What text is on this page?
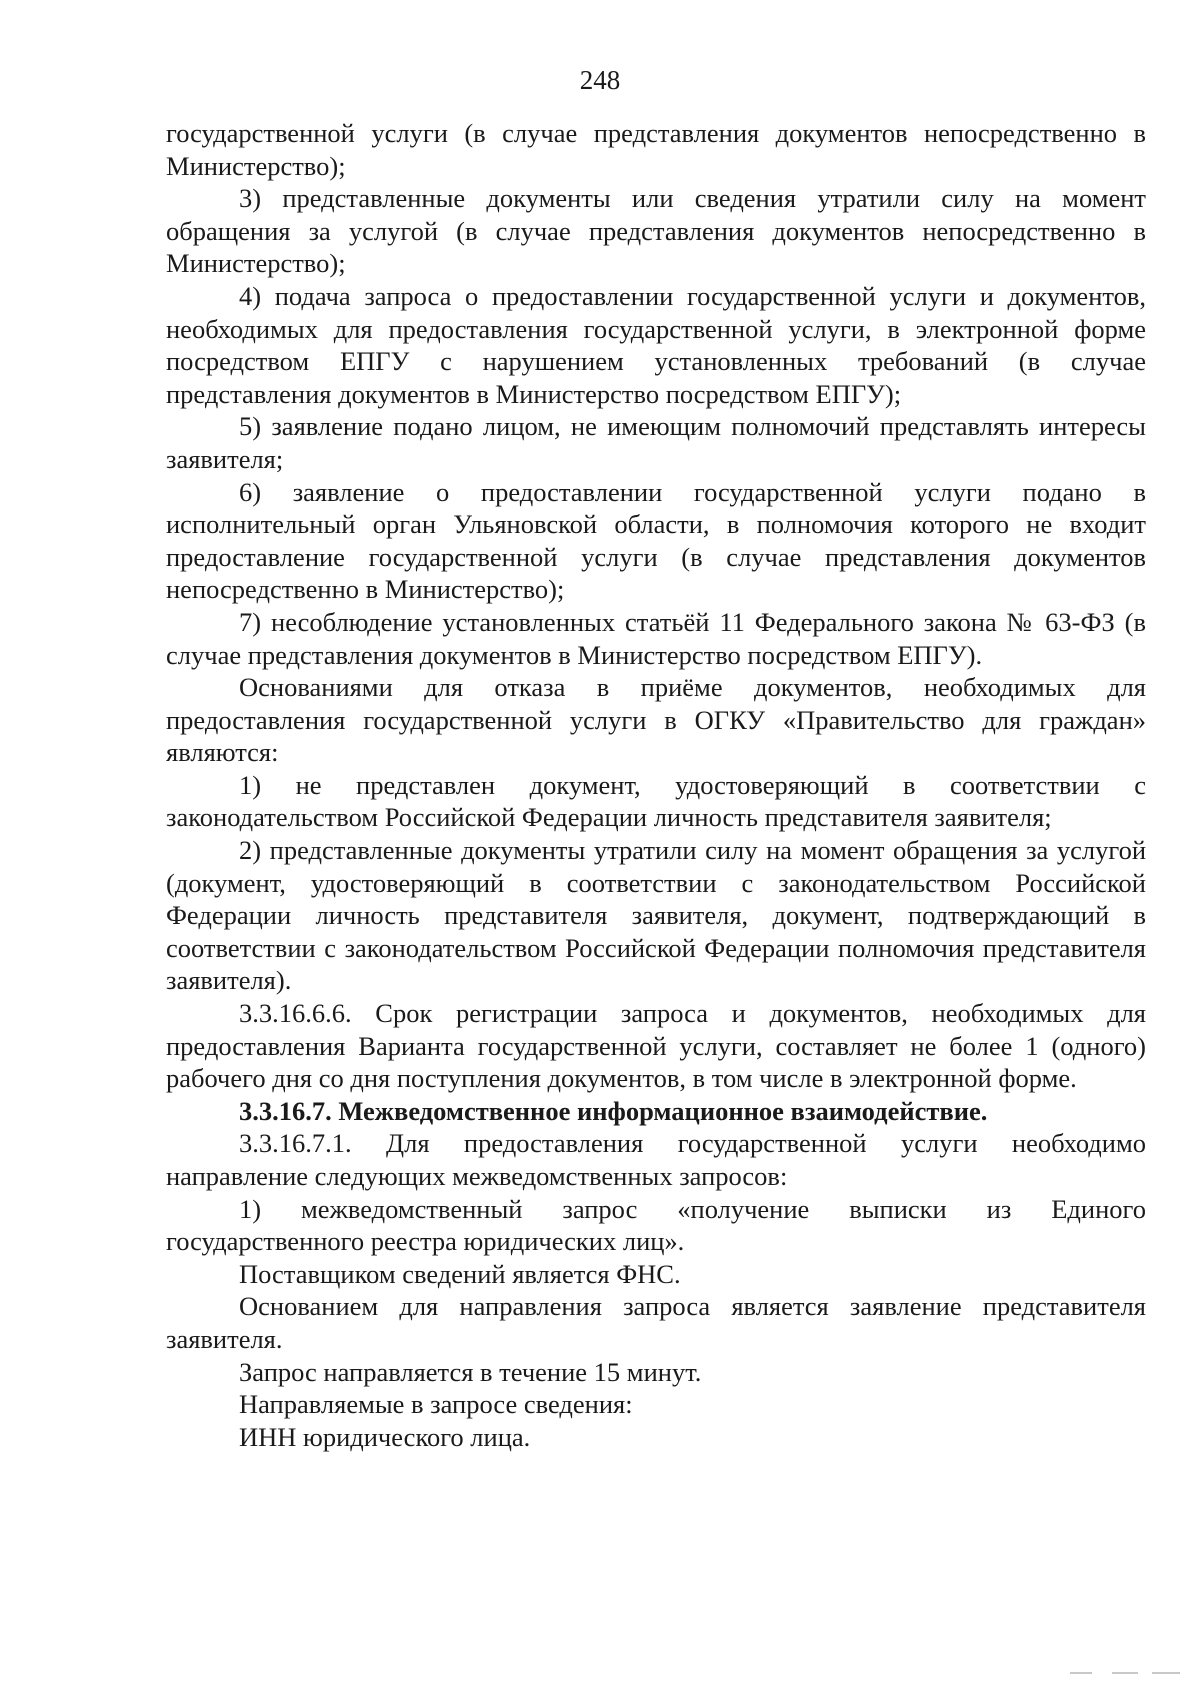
248

государственной услуги (в случае представления документов непосредственно в Министерство);

3) представленные документы или сведения утратили силу на момент обращения за услугой (в случае представления документов непосредственно в Министерство);

4) подача запроса о предоставлении государственной услуги и документов, необходимых для предоставления государственной услуги, в электронной форме посредством ЕПГУ с нарушением установленных требований (в случае представления документов в Министерство посредством ЕПГУ);

5) заявление подано лицом, не имеющим полномочий представлять интересы заявителя;

6) заявление о предоставлении государственной услуги подано в исполнительный орган Ульяновской области, в полномочия которого не входит предоставление государственной услуги (в случае представления документов непосредственно в Министерство);

7) несоблюдение установленных статьёй 11 Федерального закона № 63-ФЗ (в случае представления документов в Министерство посредством ЕПГУ).

Основаниями для отказа в приёме документов, необходимых для предоставления государственной услуги в ОГКУ «Правительство для граждан» являются:

1) не представлен документ, удостоверяющий в соответствии с законодательством Российской Федерации личность представителя заявителя;

2) представленные документы утратили силу на момент обращения за услугой (документ, удостоверяющий в соответствии с законодательством Российской Федерации личность представителя заявителя, документ, подтверждающий в соответствии с законодательством Российской Федерации полномочия представителя заявителя).

3.3.16.6.6. Срок регистрации запроса и документов, необходимых для предоставления Варианта государственной услуги, составляет не более 1 (одного) рабочего дня со дня поступления документов, в том числе в электронной форме.

3.3.16.7. Межведомственное информационное взаимодействие.

3.3.16.7.1. Для предоставления государственной услуги необходимо направление следующих межведомственных запросов:

1) межведомственный запрос «получение выписки из Единого государственного реестра юридических лиц».

Поставщиком сведений является ФНС.

Основанием для направления запроса является заявление представителя заявителя.

Запрос направляется в течение 15 минут.

Направляемые в запросе сведения:

ИНН юридического лица.
